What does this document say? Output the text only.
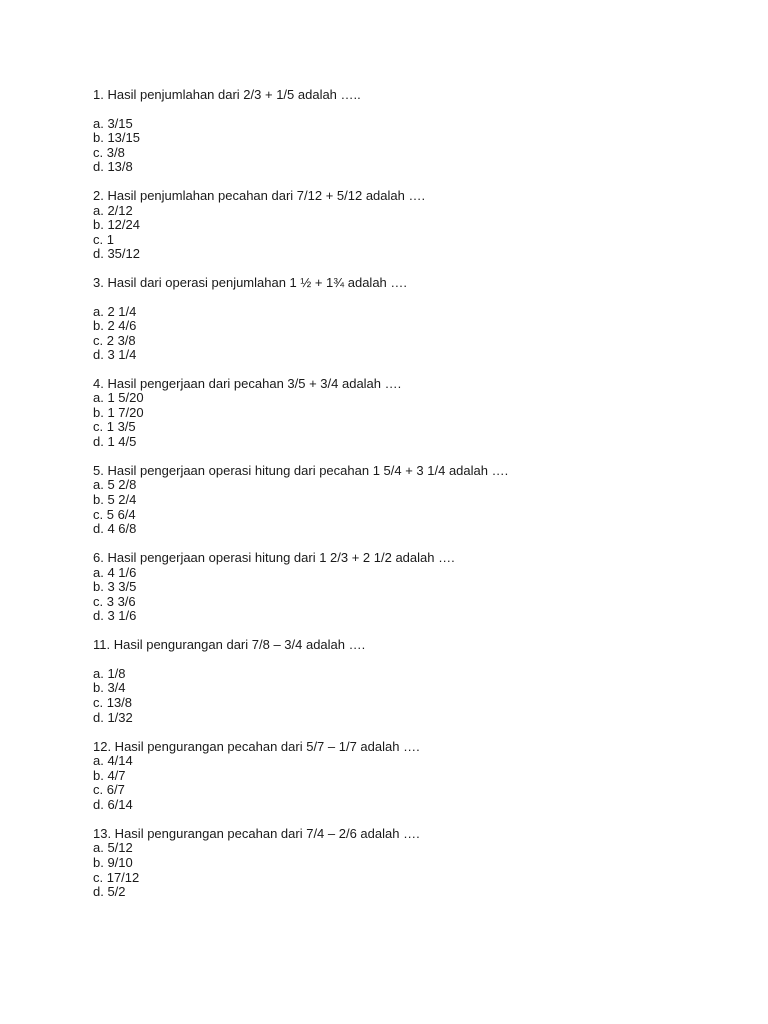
1. Hasil penjumlahan dari 2/3 + 1/5 adalah …..
a. 3/15
b. 13/15
c. 3/8
d. 13/8
2. Hasil penjumlahan pecahan dari 7/12 + 5/12 adalah ….
a. 2/12
b. 12/24
c. 1
d. 35/12
3. Hasil dari operasi penjumlahan 1 ½ + 1¾ adalah ….
a. 2 1/4
b. 2 4/6
c. 2 3/8
d. 3 1/4
4. Hasil pengerjaan dari pecahan 3/5 + 3/4 adalah ….
a. 1 5/20
b. 1 7/20
c. 1 3/5
d. 1 4/5
5. Hasil pengerjaan operasi hitung dari pecahan 1 5/4 + 3 1/4 adalah ….
a. 5 2/8
b. 5 2/4
c. 5 6/4
d. 4 6/8
6. Hasil pengerjaan operasi hitung dari 1 2/3 + 2 1/2 adalah ….
a. 4 1/6
b. 3 3/5
c. 3 3/6
d. 3 1/6
11. Hasil pengurangan dari 7/8 – 3/4 adalah ….
a. 1/8
b. 3/4
c. 13/8
d. 1/32
12. Hasil pengurangan pecahan dari 5/7 – 1/7 adalah ….
a. 4/14
b. 4/7
c. 6/7
d. 6/14
13. Hasil pengurangan pecahan dari 7/4 – 2/6 adalah ….
a. 5/12
b. 9/10
c. 17/12
d. 5/2
